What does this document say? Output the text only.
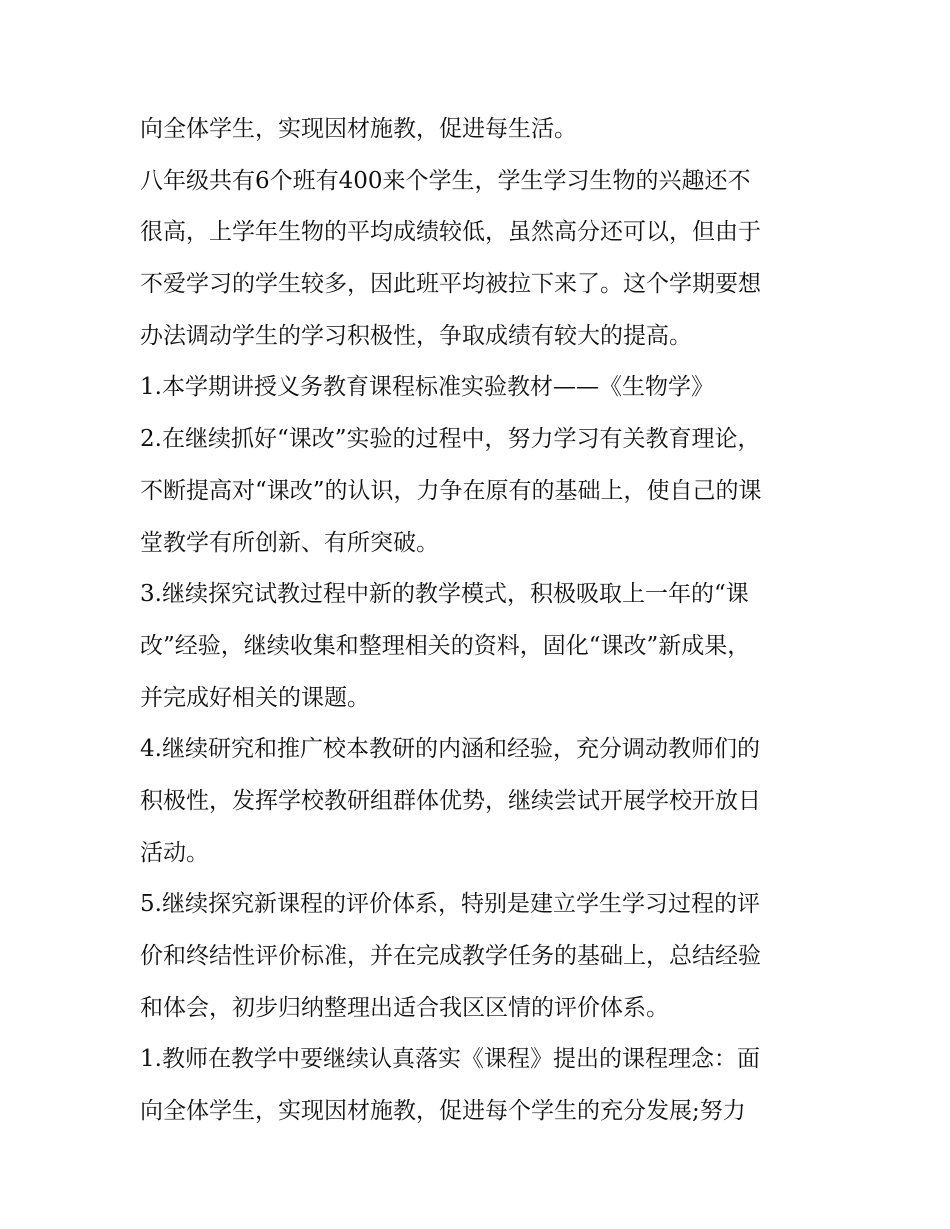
向全体学生，实现因材施教，促进每生活。

八年级共有6个班有400来个学生，学生学习生物的兴趣还不

很高，上学年生物的平均成绩较低，虽然高分还可以，但由于

不爱学习的学生较多，因此班平均被拉下来了。这个学期要想

办法调动学生的学习积极性，争取成绩有较大的提高。

1.本学期讲授义务教育课程标准实验教材——《生物学》

2.在继续抓好“课改”实验的过程中，努力学习有关教育理论，

不断提高对“课改”的认识，力争在原有的基础上，使自己的课

堂教学有所创新、有所突破。

3.继续探究试教过程中新的教学模式，积极吸取上一年的“课

改”经验，继续收集和整理相关的资料，固化“课改”新成果，

并完成好相关的课题。

4.继续研究和推广校本教研的内涵和经验，充分调动教师们的

积极性，发挥学校教研组群体优势，继续尝试开展学校开放日

活动。

5.继续探究新课程的评价体系，特别是建立学生学习过程的评

价和终结性评价标准，并在完成教学任务的基础上，总结经验

和体会，初步归纳整理出适合我区区情的评价体系。

1.教师在教学中要继续认真落实《课程》提出的课程理念：面

向全体学生，实现因材施教，促进每个学生的充分发展;努力
